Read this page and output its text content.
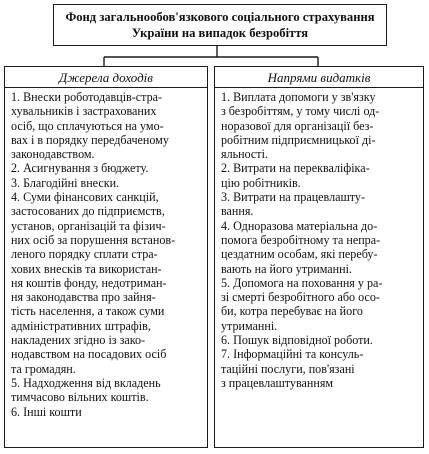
Фонд загальнообов'язкового соціального страхування
України на випадок безробіття
Джерела доходів
1. Внески роботодавців-стра-
хувальників і застрахованих
осіб, що сплачуються на умо-
вах і в порядку передбаченому
законодавством.
2. Асигнування з бюджету.
3. Благодійні внески.
4. Суми фінансових санкцій,
застосованих до підприємств,
установ, організацій та фізич-
них осіб за порушення встанов-
леного порядку сплати стра-
хових внесків та використан-
ня коштів фонду, недотриман-
ня законодавства про зайня-
тість населення, а також суми
адміністративних штрафів,
накладених згідно із зако-
нодавством на посадових осіб
та громадян.
5. Надходження від вкладень
тимчасово вільних коштів.
6. Інші кошти
Напрями видатків
1. Виплата допомоги у зв'язку
з безробіттям, у тому числі од-
норазової для організації без-
робітним підприємницької ді-
яльності.
2. Витрати на перекваліфіка-
цію робітників.
3. Витрати на працевлашту-
вання.
4. Одноразова матеріальна до-
помога безробітному та непра-
цездатним особам, які перебу-
вають на його утриманні.
5. Допомога на поховання у ра-
зі смерті безробітного або осо-
би, котра перебуває на його
утриманні.
6. Пошук відповідної роботи.
7. Інформаційні та консуль-
таційні послуги, пов'язані
з працевлаштуванням
